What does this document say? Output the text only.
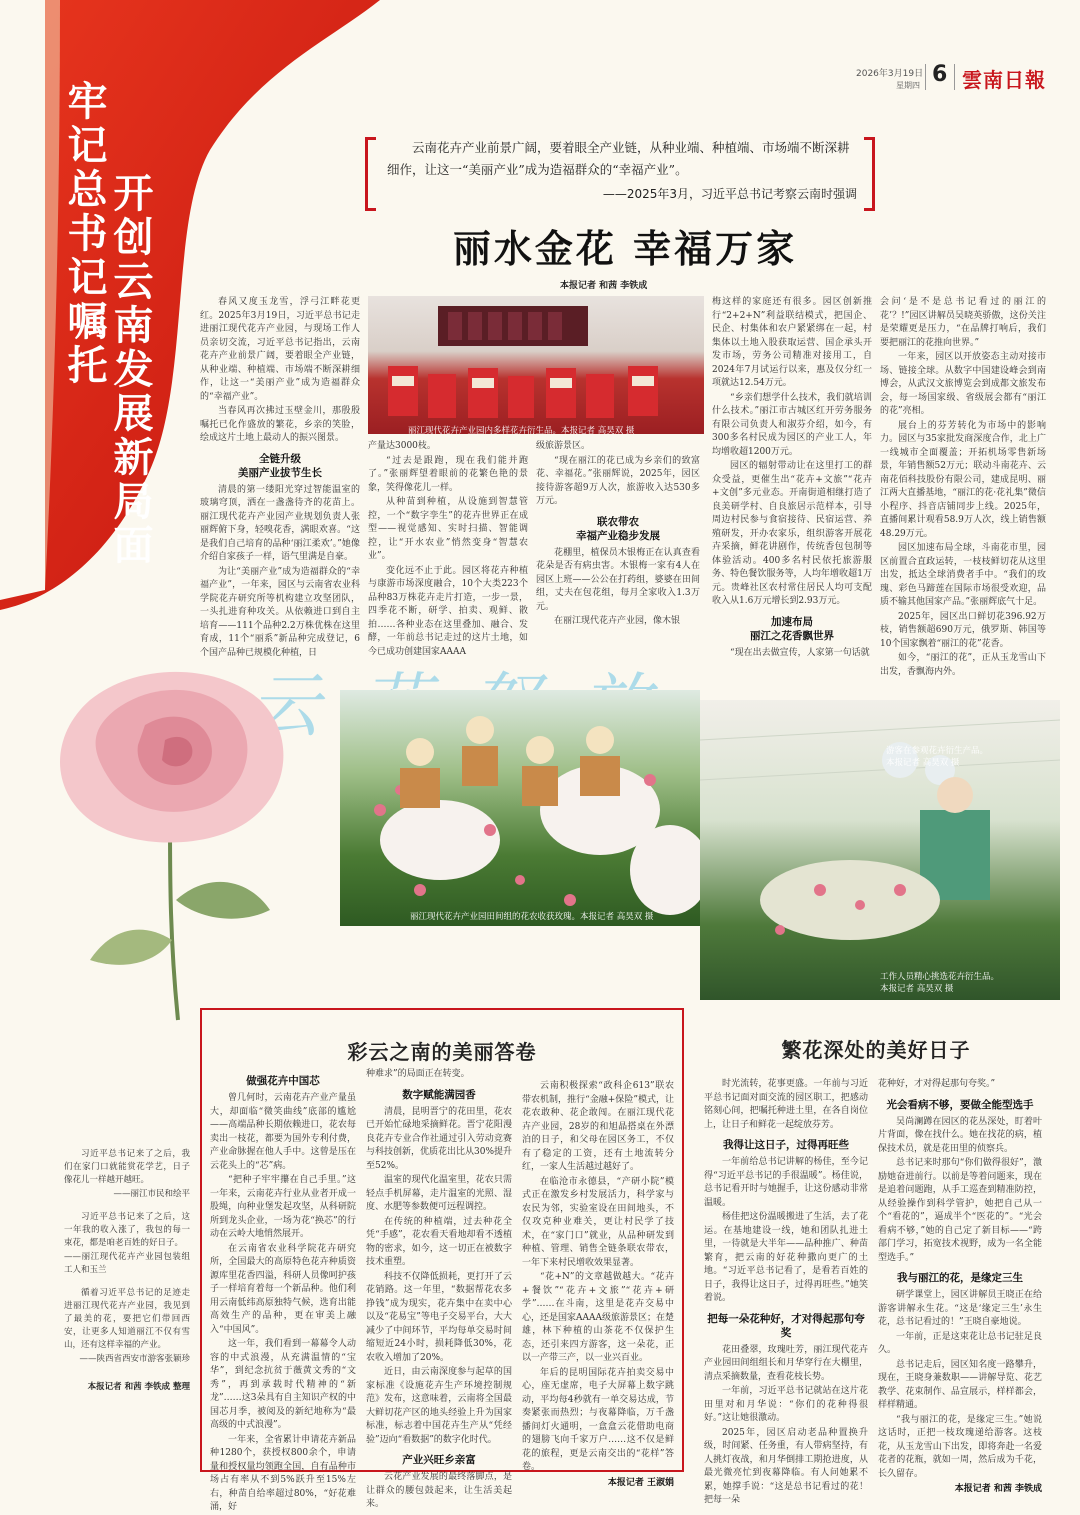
2026年3月19日
星期四 6 雲南日報
牢记总书记嘱托 开创云南发展新局面
云南花卉产业前景广阔，要着眼全产业链，从种业端、种植端、市场端不断深耕细作，让这一“美丽产业”成为造福群众的“幸福产业”。
——2025年3月，习近平总书记考察云南时强调
丽水金花 幸福万家
本报记者 和茜 李铁成

春风又度玉龙雪，浮弓江畔花更红。2025年3月19日，习近平总书记走进丽江现代花卉产业园，与现场工作人员亲切交流，习近平总书记指出，云南花卉产业前景广阔，要着眼全产业链，从种业端、种植端、市场端不断深耕细作，让这一“美丽产业”成为造福群众的“幸福产业”。

当春风再次拂过玉壁金川，那殷殷嘱托已化作盛放的繁花，乡亲的笑脸，绘成这片土地上最动人的振兴图景。

全链升级
美丽产业拔节生长

清晨的第一缕阳光穿过智能温室的玻璃穹顶，洒在一盏盏待齐的花苗上。丽江现代花卉产业园产业规划负责人张丽辉俯下身，轻嗅花香，满眼欢喜。“这是我们自己培育的品种‘丽江柔欢’。”她像介绍自家孩子一样，语气里满是自豪。

为让“美丽产业”成为造福群众的“幸福产业”，一年来，园区与云南省农业科学院花卉研究所等机构建立攻坚团队，一头扎进育种攻关。从依赖进口到自主培育——111个品种2.2万株优株在这里育成，11个“丽系”新品种完成登记，6个国产品种已规模化种植，日

丽江现代花卉产业园内多样花卉衍生品。本报记者 高昊双 摄

产量达3000枝。

“过去是跟跑，现在我们能并跑了。”张丽辉望着眼前的花繁色艳的景象，笑得像花儿一样。

从种苗到种植，从设施到智慧管控，一个“数字孪生”的花卉世界正在成型——视觉感知、实时扫描、智能调控，让“开水农业”悄然变身“智慧农业”。

变化远不止于此。园区将花卉种植与康游市场深度融合，10个大类223个品种83万株花卉走片打造，一步一景，四季花不断，研学、拍卖、观鲜、散拍……各种业态在这里叠加、融合、发酵，一年前总书记走过的这片土地，如今已成功创建国家AAAA

级旅游景区。

“现在丽江的花已成为乡亲们的致富花、幸福花。”张丽辉说，2025年，园区接待游客超9万人次，旅游收入达530多万元。

联农带农
幸福产业稳步发展

花棚里，植保员木银梅正在认真查看花朵是否有病虫害。木银梅一家有4人在园区上班——公公在打药组，婆婆在田间组，丈夫在包花组，每月全家收入1.3万元。

在丽江现代花卉产业园，像木银

梅这样的家庭还有很多。园区创新推行“2+2+N”利益联结模式，把国企、民企、村集体和农户紧紧绑在一起，村集体以土地入股获取运营、国企承头开发市场，劳务公司精准对接用工，自2024年7月试运行以来，惠及仅分红一项就达12.54万元。

“乡亲们想学什么技术，我们就培训什么技术。”丽江市古城区红开劳务服务有限公司负责人和淑芬介绍，如今，有300多名村民成为园区的产业工人，年均增收超1200万元。

园区的辐射带动让在这里打工的群众受益，更催生出“花卉+文旅”“花卉+文创”多元业态。开南街道相继打造了良美研学村、自良旅居示范样本，引导周边村民参与食宿接待、民宿运营、养殖研发，开办农家乐，组织游客开展花卉采摘，鲜花讲剧作，传统香包包制等体验活动。400多名村民依托旅游服务、特色餐饮服务等，人均年增收超1万元。贵峰社区农村常住居民人均可支配收入从1.6万元增长到2.93万元。

加速布局
丽江之花香飘世界

“现在出去做宣传，人家第一句话就

会问‘是不是总书记看过的丽江的花’？!”园区讲解员吴晓英骄傲，这份关注是荣耀更是压力，“在品牌打响后，我们要把丽江的花推向世界。”

一年来，园区以开放姿态主动对接市场、链接全球。从数字中国建设峰会到南博会，从武汉文旅博览会到成都文旅发布会，每一场国家级、省级展会都有“丽江的花”亮相。

展台上的芬芳转化为市场中的影响力。园区与35家批发商深度合作，北上广一线城市全面覆盖；开拓机场零售新场景，年销售额52万元；联动斗南花卉、云南花佰科技股份有限公司，建成昆明、丽江两大直播基地，“丽江的花·花礼集”微信小程序、抖音店铺同步上线。2025年，直播间累计观看58.9万人次，线上销售额48.29万元。

园区加速布局全球，斗南花市里，园区前置合直政运转，一枝枝鲜切花从这里出发，抵达全球消费者手中。“我们的玫瑰、彩色马蹄莲在国际市场很受欢迎，品质不输其他国家产品。”张丽辉底气十足。

2025年，园区出口鲜切花396.92万枝，销售额超690万元，俄罗斯、韩国等10个国家飘着“丽江的花”花香。

如今，“丽江的花”，正从玉龙雪山下出发，香飘海内外。

丽江现代花卉产业园田间组的花农收获玫瑰。本报记者 高昊双 摄
游客在参观花卉衍生产品。
本报记者 高昊双 摄
工作人员精心挑选花卉衍生品。
本报记者 高昊双 摄

习近平总书记来了之后，我们在家门口就能赏花学艺，日子像花儿一样越开越旺。

——丽江市民和绘平

习近平总书记来了之后，这一年我的收入涨了，我包的每一束花，都是咱老百姓的好日子。

——丽江现代花卉产业园包装组工人和玉兰

循着习近平总书记的足迹走进丽江现代花卉产业园，我见到了最美的花，要把它们带回西安，让更多人知道丽江不仅有雪山，还有这样幸福的产业。

——陕西省西安市游客张颖珍
本报记者 和茜 李铁成 整理
彩云之南的美丽答卷
做强花卉中国芯

曾几何时，云南花卉产业产量虽大，却面临“微笑曲线”底部的尴尬——高端品种长期依赖进口，花农每卖出一枝花，都要为国外专利付费，产业命脉握在他人手中。这曾是压在云花头上的“芯”病。

“把种子牢牢攥在自己手里。”这一年来，云南花卉行业从业者开成一股绳，向种业堡发起攻坚，从科研院所到龙头企业，一场为花“换芯”的行动在云岭大地悄然展开。

在云南省农业科学院花卉研究所，全国最大的高原特色花卉种质资源库里花香四溢，科研人员像呵护孩子一样培育着每一个新品种。他们利用云南低纬高原独特气候，选育出能高效生产的品种，更在审美上融入“中国风”。

这一年，我们看到一幕幕令人动容的中式浪漫，从充满温情的“宝华”，到纪念抗贫于薇黄文秀的“文秀”，再到承载时代精神的“新龙”……这3朵具有自主知识产权的中国芯月季，被阅及的新纪地称为“最高级的中式浪漫”。

一年来，全省累计申请花卉新品种1280个，获授权800余个，申请量和授权量均领跑全国，自有品种市场占有率从不到5%跃升至15%左右，种苗自给率超过80%，“好花难涌，好

种难求”的局面正在转变。

数字赋能满园香

清晨，昆明晋宁的花田里，花农已开始忙碌地采摘鲜花。晋宁花阳漫良花卉专业合作社通过引入劳动竞赛与科技创新，优质花出比从30%提升至52%。

温室的现代化温室里，花农只需轻点手机屏幕，走片温室的光照、湿度、水肥等参数便可远程调控。

在传统的种植端，过去种花全凭“手感”，花农看天看地却看不透植物的密求，如今，这一切正在被数字技术重塑。

科技不仅降低损耗，更打开了云花销路。这一年里，“数据帮花农多挣钱”成为现实，花卉集中在卖中心以及“花易宝”等电子交易平台，大大减少了中间环节，平均每单交易时间缩短近24小时，损耗降低30%，花农收入增加了20%。

近日，由云南深度参与起草的国家标准《设施花卉生产环境控制规范》发布，这意味着，云南将全国最大鲜切花产区的地头经验上升为国家标准，标志着中国花卉生产从“凭经验”迈向“看数据”的数字化时代。

产业兴旺乡亲富

云花产业发展的最终落脚点，是让群众的腰包鼓起来，让生活美起来。

云南积极探索“政科企613”联农带农机制，推行“金融+保险”模式，让花农敢种、花企敢闯。在丽江现代花卉产业园，28岁的和旭晶搭桌在外漂泊的日子，和父母在园区务工，不仅有了稳定的工资，还有土地流转分红，一家人生活越过越好了。

在临沧市永德县，“产研小院”模式正在激发乡村发展活力，科学家与农民为邻，实验室设在田间地头，不仅攻克种业难关，更让村民学了技术，在“家门口”就业，从品种研发到种植、管理、销售全链条联农带农，一年下来村民增收效果显著。

“花+N”的文章越做越大。“花卉+餐饮”“花卉+文旅”“花卉+研学”……在斗南，这里是花卉交易中心，还是国家AAAA级旅游景区；在楚雄，林下种植的山茶花不仅保护生态，还引来四方游客，这一朵花，正以一产带三产，以一业兴百业。

年后的昆明国际花卉拍卖交易中心，座无虚席，电子大屏幕上数字跳动，平均每4秒就有一单交易达成，节奏紧张而热烈；与夜幕降临，万千盏播间灯火通明，一盒盒云花借助电商的翅膀飞向千家万户……这不仅是鲜花的旅程，更是云南交出的“花样”答卷。

本报记者 王淑娟
繁花深处的美好日子

时光流转，花事更盛。一年前与习近平总书记面对面交流的园区职工，把感动铭刻心间，把嘱托种进土里，在各自岗位上，让日子和鲜花一起绽放芬芳。

我得让这日子，过得再旺些

一年前给总书记讲解的杨佳，至今记得“习近平总书记的手很温暖”。杨佳说，总书记看开时与她握手，让这份感动非常温暖。

杨佳把这份温暖搬进了生活，去了花运。在基地建设一线，她和团队扎进土里，一待就是大半年——品种推广、种苗繁育，把云南的好花种撒向更广的土地。“习近平总书记看了，是看若百姓的日子，我得让这日子，过得再旺些。”她笑着说。

把每一朵花种好，才对得起那句夸奖

花田叠翠，玫瑰吐芳，丽江现代花卉产业园田间组组长和月华穿行在大棚里，清点采摘数量，查看花枝长势。

一年前，习近平总书记就站在这片花田里对和月华说：“你们的花种得很好。”这让她很激动。

2025年，园区启动老品种置换升级，时间紧、任务重，有人带病坚持，有人挑灯夜战，和月华倒排工期抢进度，从最光微亮忙到夜幕降临。有人问她累不累，她撑手说：“这是总书记看过的花！把每一朵

花种好，才对得起那句夸奖。”

光会看病不够，要做全能型选手

吴尚澜蹲在园区的花丛深处，盯着叶片背面，像在找什么。她在找花的病，植保技术员，就是花田里的侦察兵。

总书记来时那句“你们做得很好”，激励她奋进前行。以前是等着问题来，现在是追着问题跑，从手工巡查到精准防控，从经验操作到科学管护，她把自己从一个“看花的”，逼成半个“医花的”。“光会看病不够，”她的自己定了新目标——“跨部门学习，拓宽技术视野，成为一名全能型选手。”

我与丽江的花，是缘定三生

研学课堂上，园区讲解员王晓正在给游客讲解永生花。“这是‘缘定三生’永生花，总书记看过的！”王晓自豪地说。

一年前，正是这束花让总书记驻足良久。

总书记走后，园区知名度一路攀升，现在，王晓身兼数职——讲解导览、花艺教学、花束制作、品宣展示，样样都会，样样精通。

“我与丽江的花，是缘定三生。”她说这话时，正把一枝玫瑰递给游客。这枝花，从玉龙雪山下出发，即将奔赴一名爱花者的花瓶，就如一周，然后成为千花，长久留存。

本报记者 和茜 李铁成
